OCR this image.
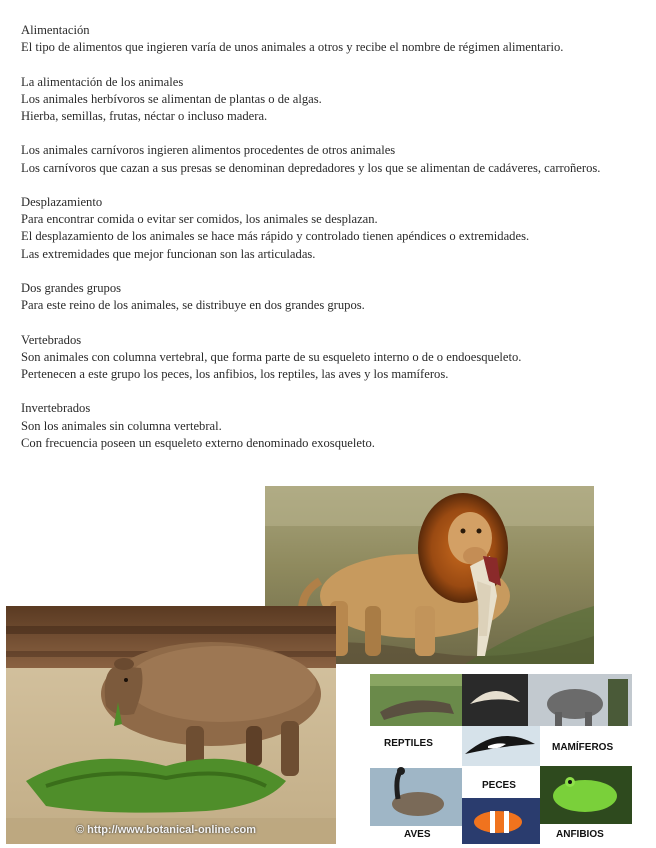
Alimentación
El tipo de alimentos que ingieren varía de unos animales a otros y recibe el nombre de régimen alimentario.
La alimentación de los animales
Los animales herbívoros se alimentan de plantas o de algas.
Hierba, semillas, frutas, néctar o incluso madera.
Los animales carnívoros ingieren alimentos procedentes de otros animales
Los carnívoros que cazan a sus presas se denominan depredadores y los que se alimentan de cadáveres, carroñeros.
Desplazamiento
Para encontrar comida o evitar ser comidos, los animales se desplazan.
El desplazamiento de los animales se hace más rápido y controlado tienen apéndices o extremidades.
Las extremidades que mejor funcionan son las articuladas.
Dos grandes grupos
Para este reino de los animales, se distribuye en dos grandes grupos.
Vertebrados
Son animales con columna vertebral, que forma parte de su esqueleto interno o de o endoesqueleto.
Pertenecen a este grupo los peces, los anfibios, los reptiles, las aves y los mamíferos.
Invertebrados
Son los animales sin columna vertebral.
Con frecuencia poseen un esqueleto externo denominado exosqueleto.
© http://www.botanical-online.com
REPTILES	MAMÍFEROS
PECES
AVES	ANFIBIOS
